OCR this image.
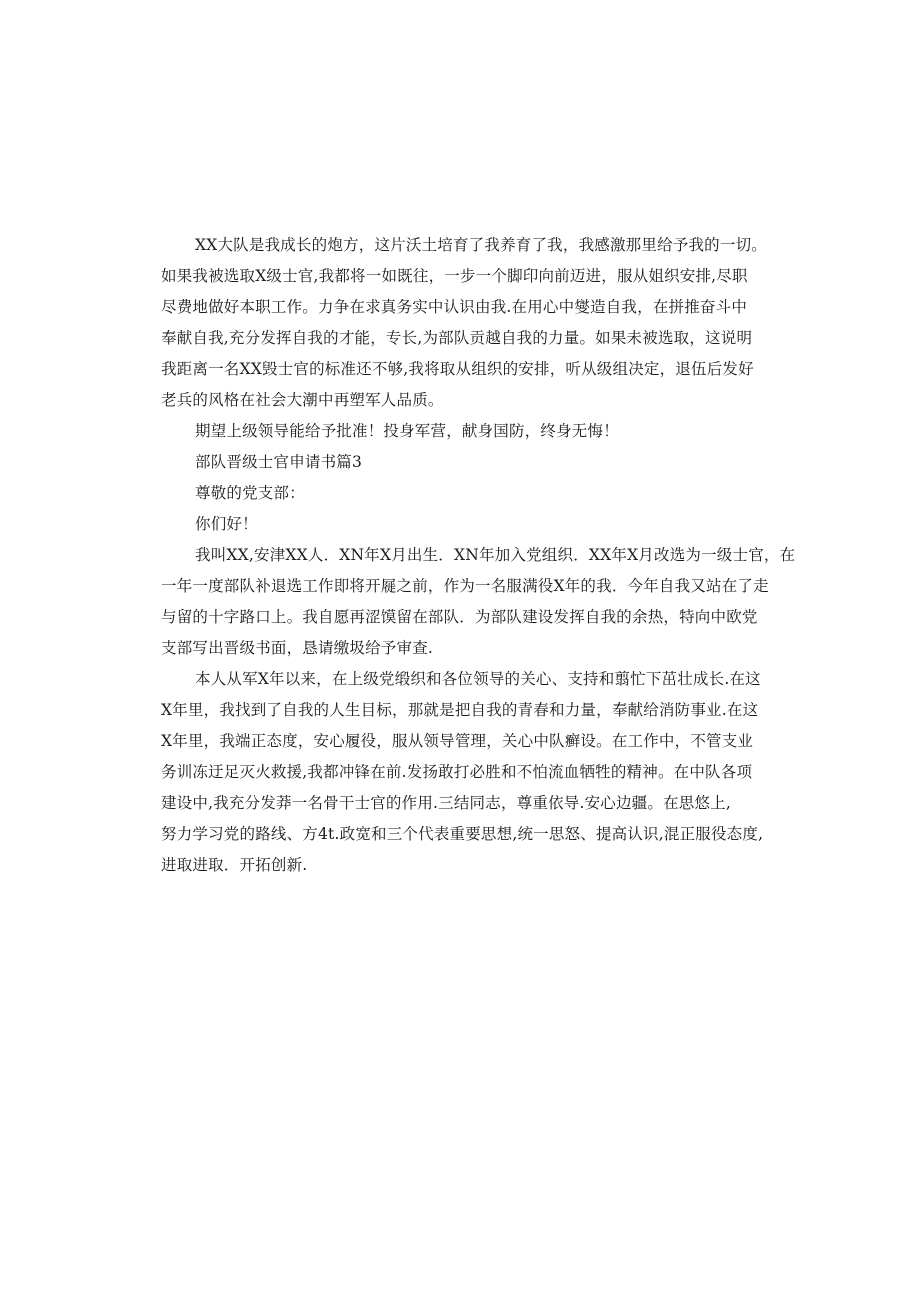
XX大队是我成长的炮方，这片沃土培育了我养育了我，我感激那里给予我的一切。
如果我被选取X级士官,我都将一如既往，一步一个脚印向前迈进，服从姐织安排,尽职
尽费地做好本职工作。力争在求真务实中认识由我.在用心中燮造自我，在拼推奋斗中
奉献自我,充分发挥自我的才能，专长,为部队贡越自我的力量。如果未被选取，这说明
我距离一名XX毁士官的标准还不够,我将取从组织的安排，听从级组决定，退伍后发好
老兵的风格在社会大潮中再塑军人品质。
期望上级领导能给予批准！投身军营，献身国防，终身无悔！
部队晋级士官申请书篇3
尊敬的党支部：
你们好！
我叫XX,安津XX人．XN年X月出生．XN年加入党组织．XX年X月改选为一级士官，在
一年一度部队补退选工作即将开屣之前，作为一名服满役X年的我．今年自我又站在了走
与留的十字路口上。我自愿再涩馍留在部队．为部队建设发挥自我的余热，特向中欧党
支部写出晋级书面，恳请缴圾给予审查.
本人从军X年以来，在上级党缎织和各位领导的关心、支持和翦忙下茁壮成长.在这
X年里，我找到了自我的人生目标，那就是把自我的青春和力量，奉献给消防事业.在这
X年里，我端正态度，安心履役，服从领导管理，关心中队癣设。在工作中，不管支业
务训冻迂足灭火救援,我都冲锋在前.发扬敢打必胜和不怕流血牺牲的精神。在中队各项
建设中,我充分发莽一名骨干士官的作用.三结同志，尊重依导.安心边疆。在思悠上,
努力学习党的路线、方4t.政宽和三个代表重要思想,统一思怒、提高认识,混正服役态度,
进取进取．开拓创新.
